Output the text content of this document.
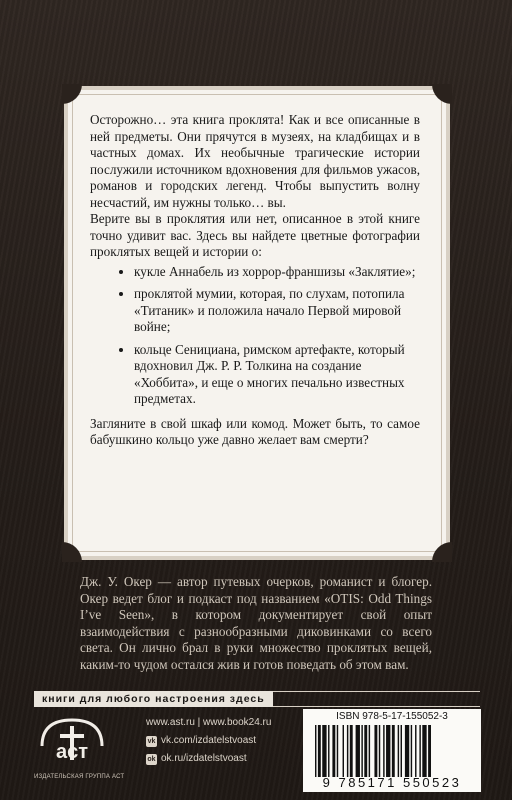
Осторожно… эта книга проклята! Как и все описанные в ней предметы. Они прячутся в музеях, на кладбищах и в частных домах. Их необычные трагические истории послужили источником вдохновения для фильмов ужасов, романов и городских легенд. Чтобы выпустить волну несчастий, им нужны только… вы.

Верите вы в проклятия или нет, описанное в этой книге точно удивит вас. Здесь вы найдете цветные фотографии проклятых вещей и истории о:

• кукле Аннабель из хоррор-франшизы «Заклятие»;
• проклятой мумии, которая, по слухам, потопила «Титаник» и положила начало Первой мировой войне;
• кольце Сенициана, римском артефакте, который вдохновил Дж. Р. Р. Толкина на создание «Хоббита», и еще о многих печально известных предметах.

Загляните в свой шкаф или комод. Может быть, то самое бабушкино кольцо уже давно желает вам смерти?

Дж. У. Окер — автор путевых очерков, романист и блогер. Окер ведет блог и подкаст под названием «OTIS: Odd Things I’ve Seen», в котором документирует свой опыт взаимодействия с разнообразными диковинками со всего света. Он лично брал в руки множество проклятых вещей, каким-то чудом остался жив и готов поведать об этом вам.
книги для любого настроения здесь
аст
ИЗДАТЕЛЬСКАЯ ГРУППА АСТ
www.ast.ru | www.book24.ru
vk vk.com/izdatelstvoast
ok ok.ru/izdatelstvoast
ISBN 978-5-17-155052-3
9 785171 550523
